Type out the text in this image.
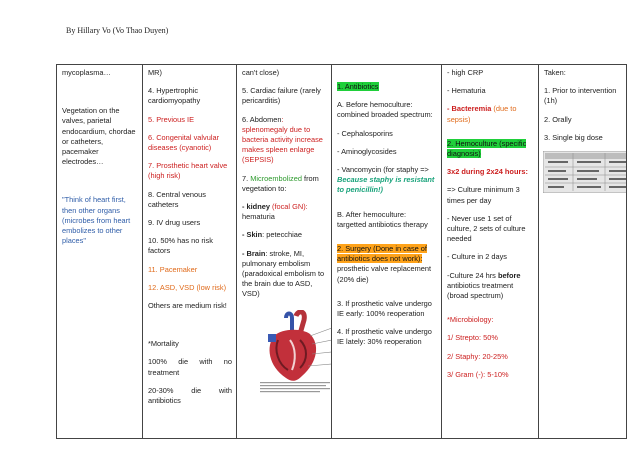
By Hillary Vo (Vo Thao Duyen)

mycoplasma…

Vegetation on the valves, parietal endocardium, chordae or catheters, pacemaker electrodes…

"Think of heart first, then other organs (microbes from heart embolizes to other places"

MR)

4. Hypertrophic cardiomyopathy

5. Previous IE

6. Congenital valvular diseases (cyanotic)

7. Prosthetic heart valve (high risk)

8. Central venous catheters

9. IV drug users

10. 50% has no risk factors

11. Pacemaker

12. ASD, VSD (low risk)

Others are medium risk!

*Mortality

100% die with no treatment

20-30% die with antibiotics

can't close)

5. Cardiac failure (rarely pericarditis)

6. Abdomen: splenomegaly due to bacteria activity increase makes spleen enlarge (SEPSIS)

7. Microembolized from vegetation to:

- kidney (focal GN): hematuria

- Skin: petecchiae

- Brain: stroke, MI, pulmonary embolism (paradoxical embolism to the brain due to ASD, VSD)

1. Antibiotics

A. Before hemoculture: combined broaded spectrum:

- Cephalosporins

- Aminoglycosides

- Vancomycin (for staphy =>

Because staphy is resistant to penicillin!)

B. After hemoculture: targetted antibiotics therapy

2. Surgery (Done in case of antibiotics does not work):

prosthetic valve replacement (20% die)

3. If prosthetic valve undergo IE early: 100% reoperation

4. If prosthetic valve undergo IE lately: 30% reoperation

- high CRP

- Hematuria

- Bacteremia (due to sepsis)

2. Hemoculture (specific diagnosis)

3x2 during 2x24 hours:

=> Culture minimum 3 times per day

- Never use 1 set of culture, 2 sets of culture needed

- Culture in 2 days

-Culture 24 hrs before antibiotics treatment (broad spectrum)

*Microbiology:

1/ Strepto: 50%

2/ Staphy: 20-25%

3/ Gram (-): 5-10%

Taken:

1. Prior to intervention (1h)

2. Orally

3. Single big dose
